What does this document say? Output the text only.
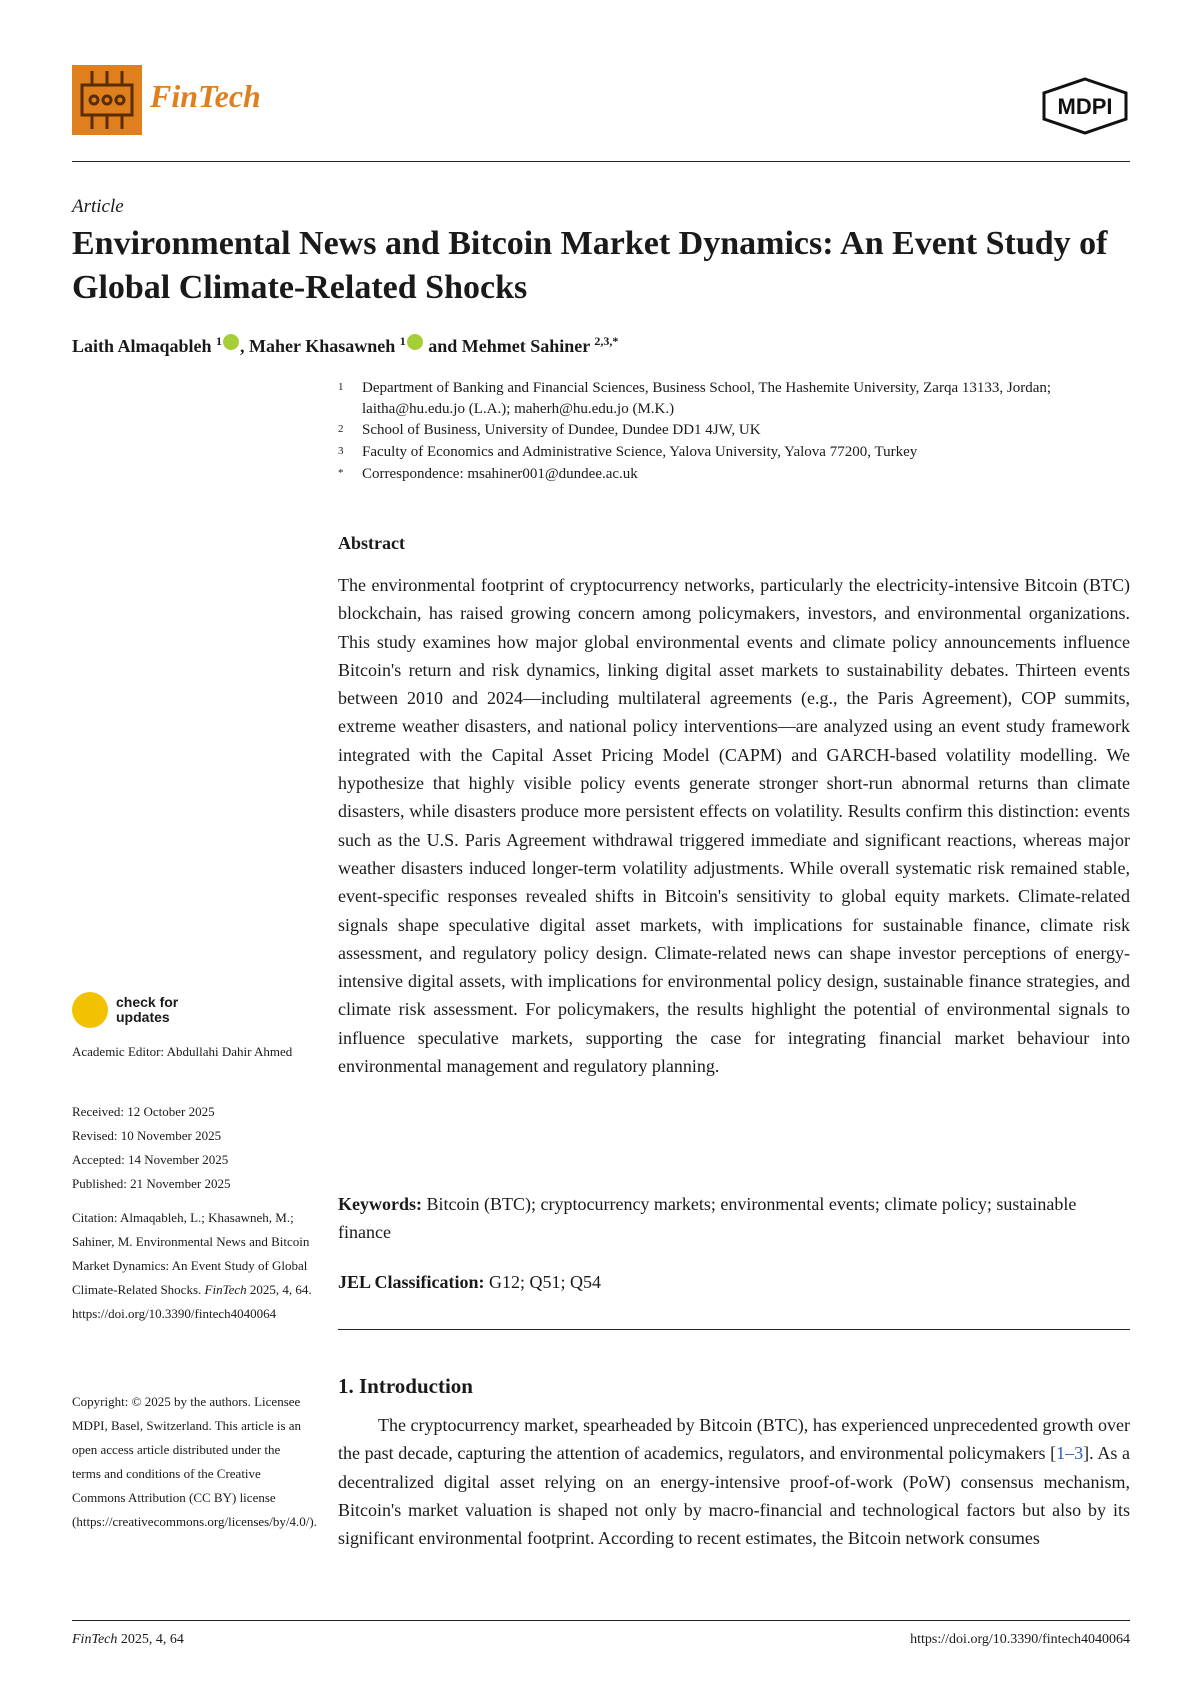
FinTech	MDPI
Article
Environmental News and Bitcoin Market Dynamics: An Event Study of Global Climate-Related Shocks
Laith Almaqableh $^1$ , Maher Khasawneh $^1$ and Mehmet Sahiner $^{2,3,*}$
1 Department of Banking and Financial Sciences, Business School, The Hashemite University, Zarqa 13133, Jordan; laitha@hu.edu.jo (L.A.); maherh@hu.edu.jo (M.K.)
2 School of Business, University of Dundee, Dundee DD1 4JW, UK
3 Faculty of Economics and Administrative Science, Yalova University, Yalova 77200, Turkey
* Correspondence: msahiner001@dundee.ac.uk
Abstract

The environmental footprint of cryptocurrency networks, particularly the electricity-intensive Bitcoin (BTC) blockchain, has raised growing concern among policymakers, investors, and environmental organizations. This study examines how major global environmental events and climate policy announcements influence Bitcoin's return and risk dynamics, linking digital asset markets to sustainability debates. Thirteen events between 2010 and 2024—including multilateral agreements (e.g., the Paris Agreement), COP summits, extreme weather disasters, and national policy interventions—are analyzed using an event study framework integrated with the Capital Asset Pricing Model (CAPM) and GARCH-based volatility modelling. We hypothesize that highly visible policy events generate stronger short-run abnormal returns than climate disasters, while disasters produce more persistent effects on volatility. Results confirm this distinction: events such as the U.S. Paris Agreement withdrawal triggered immediate and significant reactions, whereas major weather disasters induced longer-term volatility adjustments. While overall systematic risk remained stable, event-specific responses revealed shifts in Bitcoin's sensitivity to global equity markets. Climate-related signals shape speculative digital asset markets, with implications for sustainable finance, climate risk assessment, and regulatory policy design. Climate-related news can shape investor perceptions of energy-intensive digital assets, with implications for environmental policy design, sustainable finance strategies, and climate risk assessment. For policymakers, the results highlight the potential of environmental signals to influence speculative markets, supporting the case for integrating financial market behaviour into environmental management and regulatory planning.

Keywords: Bitcoin (BTC); cryptocurrency markets; environmental events; climate policy; sustainable finance

JEL Classification: G12; Q51; Q54
1. Introduction

The cryptocurrency market, spearheaded by Bitcoin (BTC), has experienced unprecedented growth over the past decade, capturing the attention of academics, regulators, and environmental policymakers [1–3]. As a decentralized digital asset relying on an energy-intensive proof-of-work (PoW) consensus mechanism, Bitcoin's market valuation is shaped not only by macro-financial and technological factors but also by its significant environmental footprint. According to recent estimates, the Bitcoin network consumes

check for
updates
Academic Editor: Abdullahi Dahir Ahmed
Received: 12 October 2025
Revised: 10 November 2025
Accepted: 14 November 2025
Published: 21 November 2025
Citation: Almaqableh, L.; Khasawneh, M.; Sahiner, M. Environmental News and Bitcoin Market Dynamics: An Event Study of Global Climate-Related Shocks. FinTech 2025, 4, 64. https://doi.org/10.3390/fintech4040064
Copyright: © 2025 by the authors. Licensee MDPI, Basel, Switzerland. This article is an open access article distributed under the terms and conditions of the Creative Commons Attribution (CC BY) license (https://creativecommons.org/licenses/by/4.0/).
FinTech 2025, 4, 64	https://doi.org/10.3390/fintech4040064
